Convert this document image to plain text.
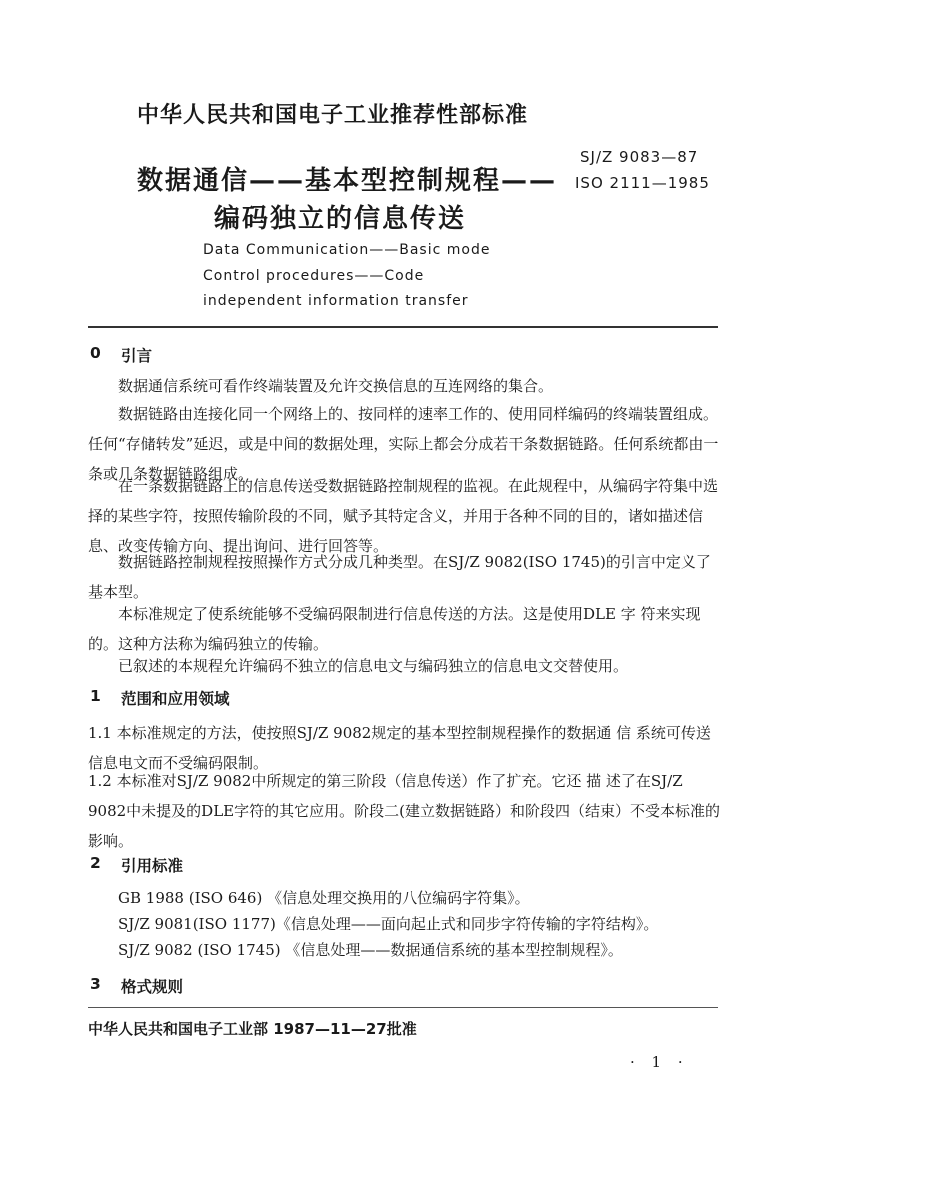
中华人民共和国电子工业推荐性部标准
SJ/Z 9083—87
ISO 2111—1985
数据通信——基本型控制规程——
编码独立的信息传送
Data Communication——Basic mode
Control procedures——Code
independent information transfer
0 引言
数据通信系统可看作终端装置及允许交换信息的互连网络的集合。
数据链路由连接化同一个网络上的、按同样的速率工作的、使用同样编码的终端装置组成。任何“存储转发”延迟，或是中间的数据处理，实际上都会分成若干条数据链路。任何系统都由一条或几条数据链路组成。
在一条数据链路上的信息传送受数据链路控制规程的监视。在此规程中，从编码字符集中选择的某些字符，按照传输阶段的不同，赋予其特定含义，并用于各种不同的目的，诸如描述信息、改变传输方向、提出询问、进行回答等。
数据链路控制规程按照操作方式分成几种类型。在SJ/Z 9082(ISO 1745)的引言中定义了基本型。
本标准规定了使系统能够不受编码限制进行信息传送的方法。这是使用DLE 字 符来实现的。这种方法称为编码独立的传输。
已叙述的本规程允许编码不独立的信息电文与编码独立的信息电文交替使用。
1 范围和应用领域
1.1 本标准规定的方法，使按照SJ/Z 9082规定的基本型控制规程操作的数据通 信 系统可传送信息电文而不受编码限制。
1.2 本标准对SJ/Z 9082中所规定的第三阶段（信息传送）作了扩充。它还 描 述了在SJ/Z 9082中未提及的DLE字符的其它应用。阶段二(建立数据链路）和阶段四（结束）不受本标准的影响。
2 引用标准
GB 1988 (ISO 646) 《信息处理交换用的八位编码字符集》。
SJ/Z 9081(ISO 1177)《信息处理——面向起止式和同步字符传输的字符结构》。
SJ/Z 9082 (ISO 1745) 《信息处理——数据通信系统的基本型控制规程》。
3 格式规则
中华人民共和国电子工业部 1987—11—27批准
· 1 ·
